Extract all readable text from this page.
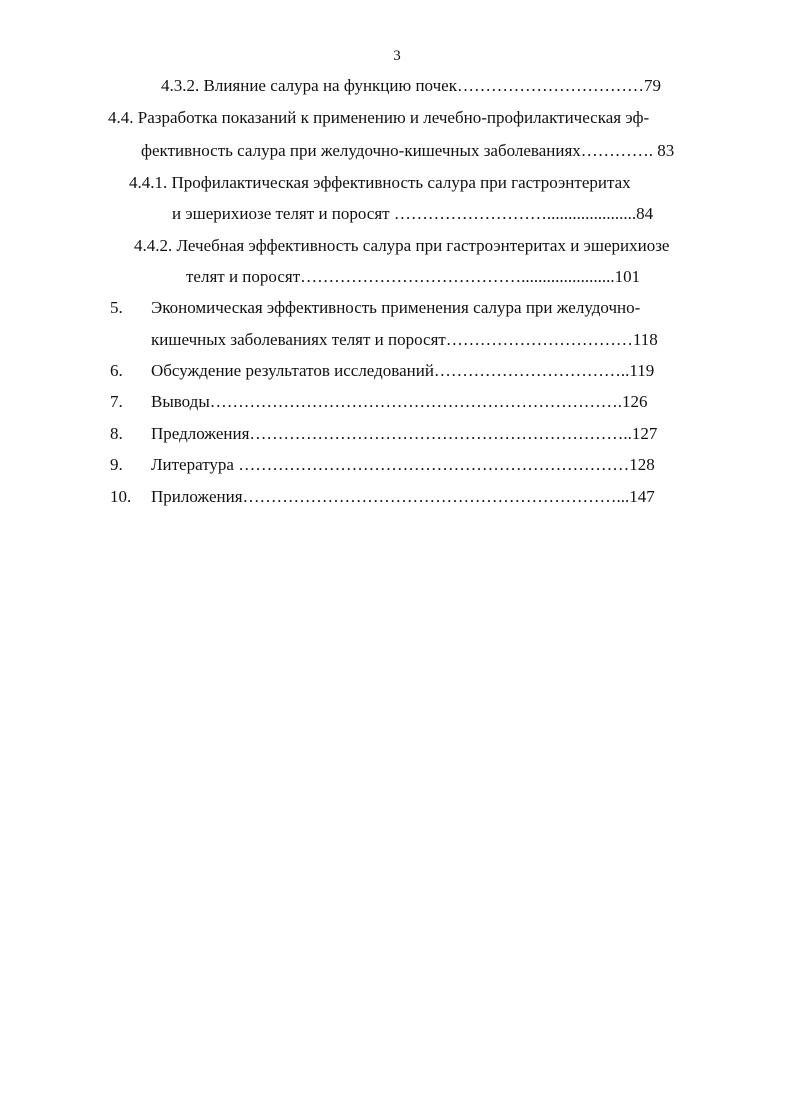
3
4.3.2. Влияние салура на функцию почек……………………………79
4.4. Разработка показаний к применению и лечебно-профилактическая эф-
фективность салура при желудочно-кишечных заболеваниях…………. 83
4.4.1. Профилактическая эффективность салура при гастроэнтеритах
и эшерихиозе телят и поросят ……………………….....................84
4.4.2. Лечебная эффективность салура при гастроэнтеритах и эшерихиозе
телят и поросят…………………………………......................101
5. Экономическая эффективность применения салура при желудочно-
кишечных заболеваниях телят и поросят……………………………118
6. Обсуждение результатов исследований……………………………..119
7. Выводы……………………………………………………………….126
8. Предложения…………………………………………………………..127
9. Литература ……………………………………………………………128
10. Приложения…………………………………………………………...147
